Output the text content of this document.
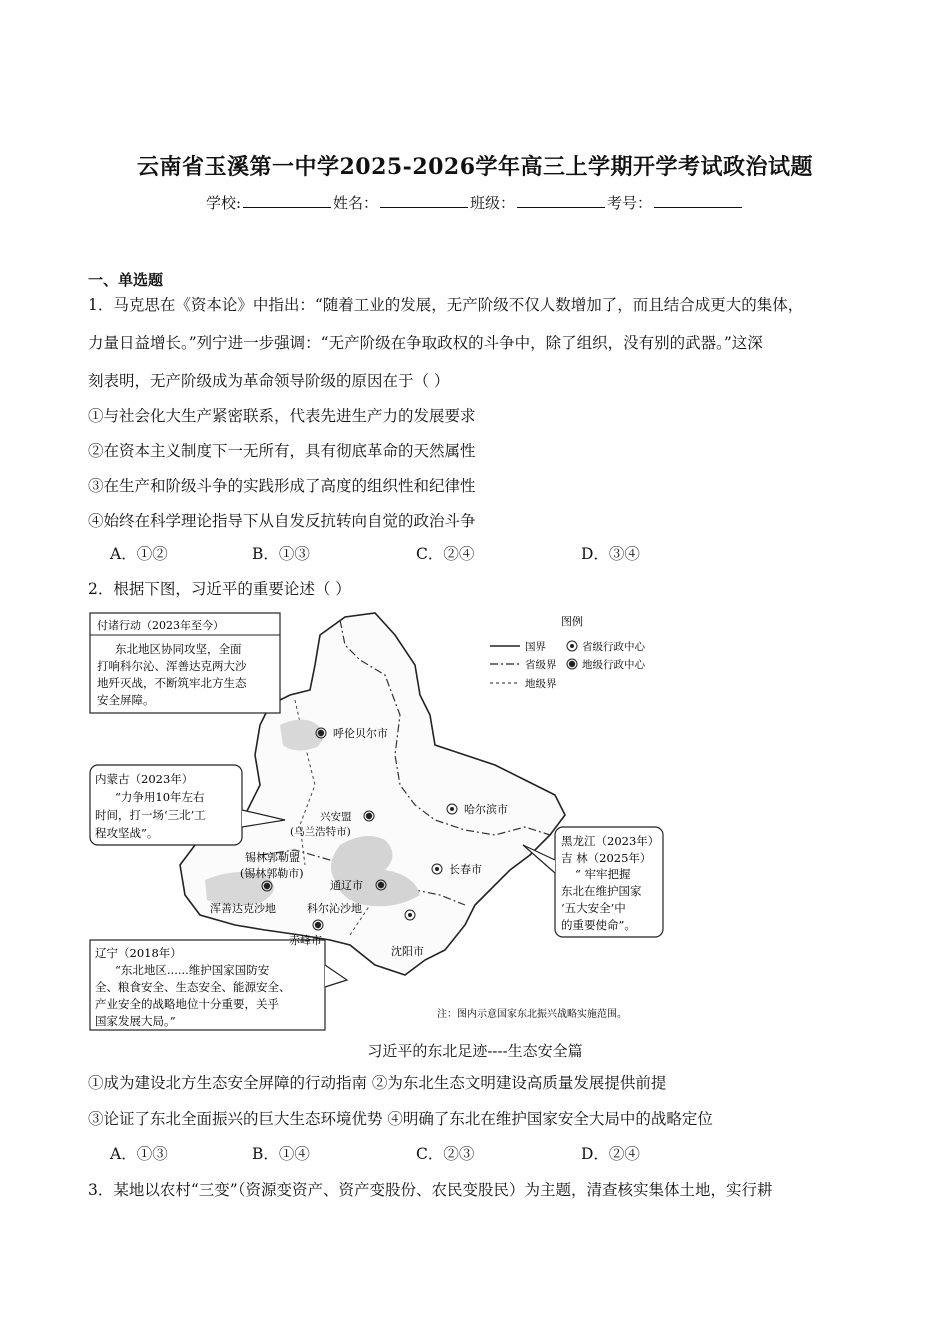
云南省玉溪第一中学2025-2026学年高三上学期开学考试政治试题
学校:	姓名：	班级：	考号：
一、单选题
1．马克思在《资本论》中指出：“随着工业的发展，无产阶级不仅人数增加了，而且结合成更大的集体，
力量日益增长。”列宁进一步强调：“无产阶级在争取政权的斗争中，除了组织，没有别的武器。”这深
刻表明，无产阶级成为革命领导阶级的原因在于（ ）
①与社会化大生产紧密联系，代表先进生产力的发展要求
②在资本主义制度下一无所有，具有彻底革命的天然属性
③在生产和阶级斗争的实践形成了高度的组织性和纪律性
④始终在科学理论指导下从自发反抗转向自觉的政治斗争
A．①②	B．①③	C．②④	D．③④
2．根据下图，习近平的重要论述（ ）
图例
国界
省级界
地级界
省级行政中心
地级行政中心
付诸行动（2023年至今）
东北地区协同攻坚，全面
打响科尔沁、浑善达克两大沙
地歼灭战，不断筑牢北方生态
安全屏障。
内蒙古（2023年）
“力争用10年左右
时间，打一场‘三北’工
程攻坚战”。
黑龙江（2023年）
吉 林（2025年）
“ 牢牢把握
东北在维护国家
‘五大安全’中
的重要使命”。
辽宁（2018年）
“东北地区......维护国家国防安
全、粮食安全、生态安全、能源安全、
产业安全的战略地位十分重要，关乎
国家发展大局。”
呼伦贝尔市
兴安盟
(乌兰浩特市)
哈尔滨市
锡林郭勒盟
(锡林郭勒市)	长春市
通辽市
浑善达克沙地	科尔沁沙地
赤峰市
沈阳市
注：图内示意国家东北振兴战略实施范围。
习近平的东北足迹----生态安全篇
①成为建设北方生态安全屏障的行动指南 ②为东北生态文明建设高质量发展提供前提
③论证了东北全面振兴的巨大生态环境优势 ④明确了东北在维护国家安全大局中的战略定位
A．①③	B．①④	C．②③	D．②④
3．某地以农村“三变”（资源变资产、资产变股份、农民变股民）为主题，清查核实集体土地，实行耕
